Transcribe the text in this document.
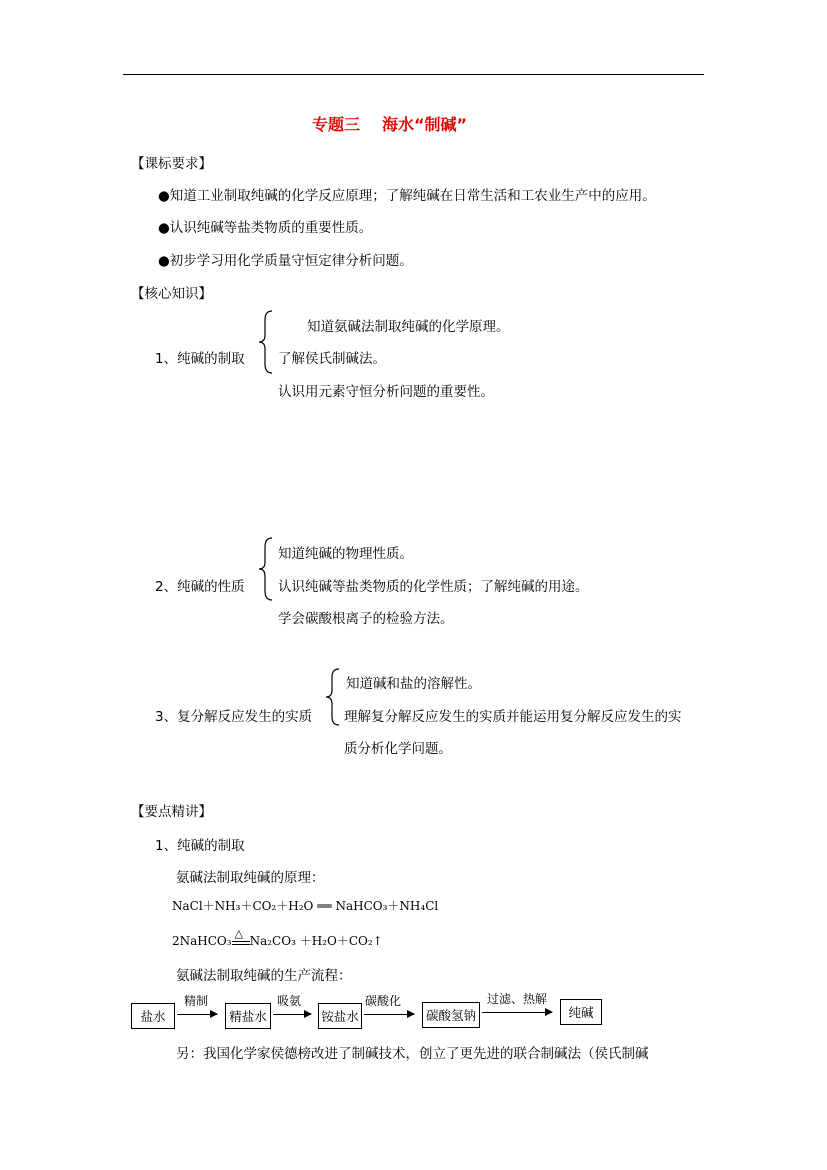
专题三 海水“制碱”
【课标要求】
●知道工业制取纯碱的化学反应原理；了解纯碱在日常生活和工农业生产中的应用。
●认识纯碱等盐类物质的重要性质。
●初步学习用化学质量守恒定律分析问题。
【核心知识】
1、纯碱的制取
知道氨碱法制取纯碱的化学原理。
了解侯氏制碱法。
认识用元素守恒分析问题的重要性。
2、纯碱的性质
知道纯碱的物理性质。
认识纯碱等盐类物质的化学性质；了解纯碱的用途。
学会碳酸根离子的检验方法。
3、复分解反应发生的实质
知道碱和盐的溶解性。
理解复分解反应发生的实质并能运用复分解反应发生的实
质分析化学问题。
【要点精讲】
1、纯碱的制取
氨碱法制取纯碱的原理：
NaCl＋NH₃＋CO₂＋H₂O ══ NaHCO₃＋NH₄Cl
2NaHCO₃
△
Na₂CO₃ ＋H₂O＋CO₂↑
氨碱法制取纯碱的生产流程：
盐水
精制
精盐水
吸氨
铵盐水
碳酸化
碳酸氢钠
过滤、热解
纯碱
另：我国化学家侯德榜改进了制碱技术，创立了更先进的联合制碱法（侯氏制碱
